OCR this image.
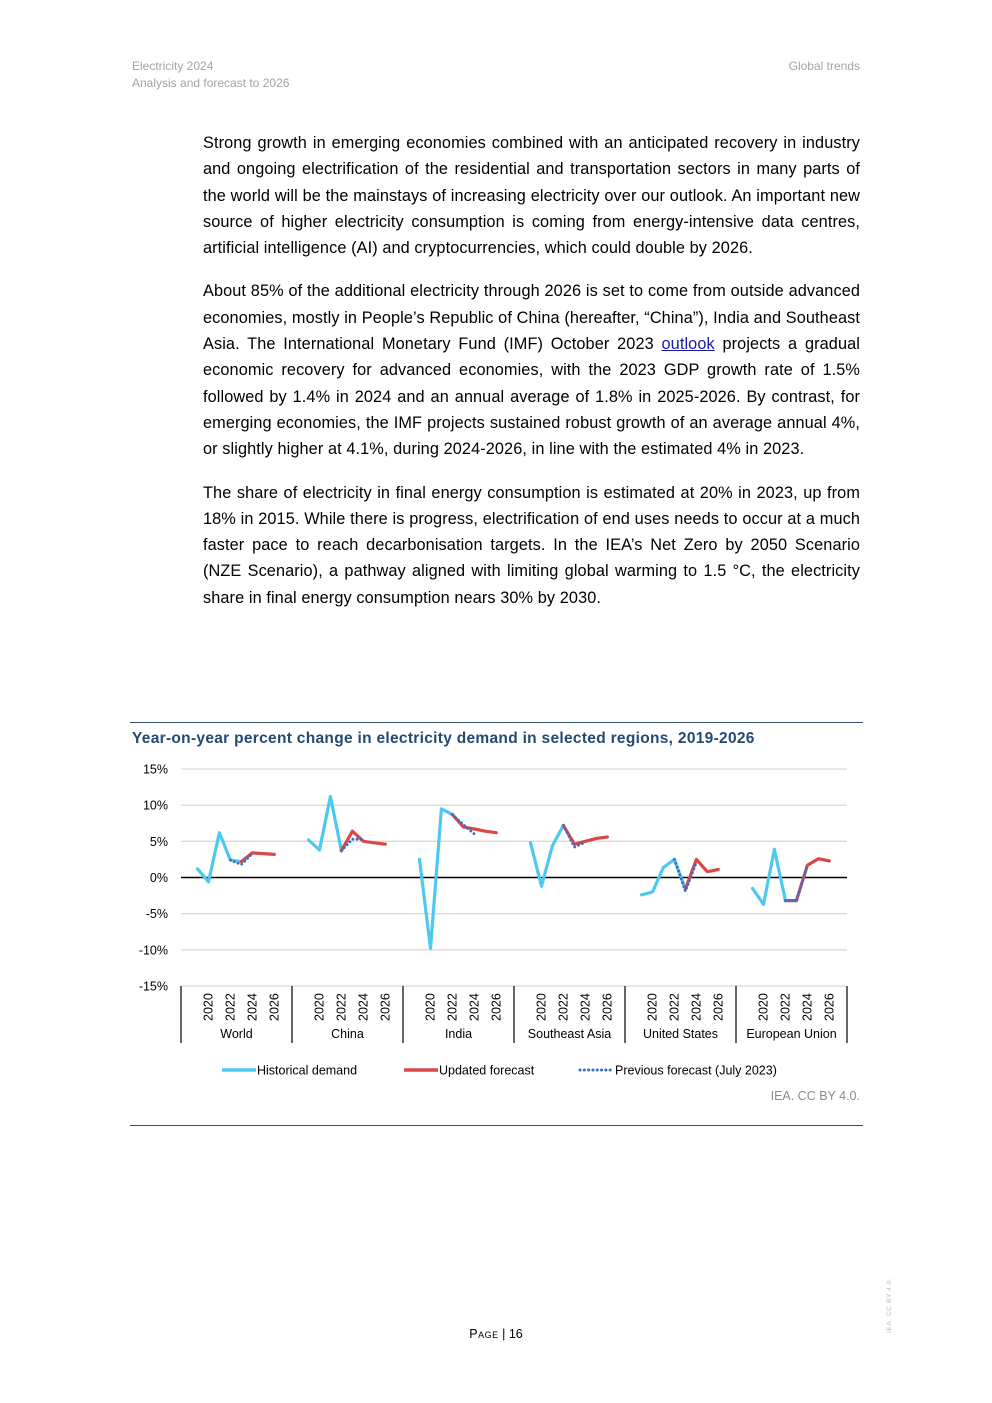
Electricity 2024
Analysis and forecast to 2026
Global trends

Strong growth in emerging economies combined with an anticipated recovery in industry and ongoing electrification of the residential and transportation sectors in many parts of the world will be the mainstays of increasing electricity over our outlook. An important new source of higher electricity consumption is coming from energy-intensive data centres, artificial intelligence (AI) and cryptocurrencies, which could double by 2026.

About 85% of the additional electricity through 2026 is set to come from outside advanced economies, mostly in People’s Republic of China (hereafter, “China”), India and Southeast Asia. The International Monetary Fund (IMF) October 2023 outlook projects a gradual economic recovery for advanced economies, with the 2023 GDP growth rate of 1.5% followed by 1.4% in 2024 and an annual average of 1.8% in 2025-2026. By contrast, for emerging economies, the IMF projects sustained robust growth of an average annual 4%, or slightly higher at 4.1%, during 2024-2026, in line with the estimated 4% in 2023.

The share of electricity in final energy consumption is estimated at 20% in 2023, up from 18% in 2015. While there is progress, electrification of end uses needs to occur at a much faster pace to reach decarbonisation targets. In the IEA’s Net Zero by 2050 Scenario (NZE Scenario), a pathway aligned with limiting global warming to 1.5 °C, the electricity share in final energy consumption nears 30% by 2030.

Year-on-year percent change in electricity demand in selected regions, 2019-2026
-15%
-10%
-5%
0%
5%
10%
15%
2020 2022 2024 2026
World
2020 2022 2024 2026
China
2020 2022 2024 2026
India
2020 2022 2024 2026
Southeast Asia
2020 2022 2024 2026
United States
2020 2022 2024 2026
European Union
Historical demand	Updated forecast	Previous forecast (July 2023)
IEA. CC BY 4.0.
Page | 16
IEA. CC BY 4.0.
